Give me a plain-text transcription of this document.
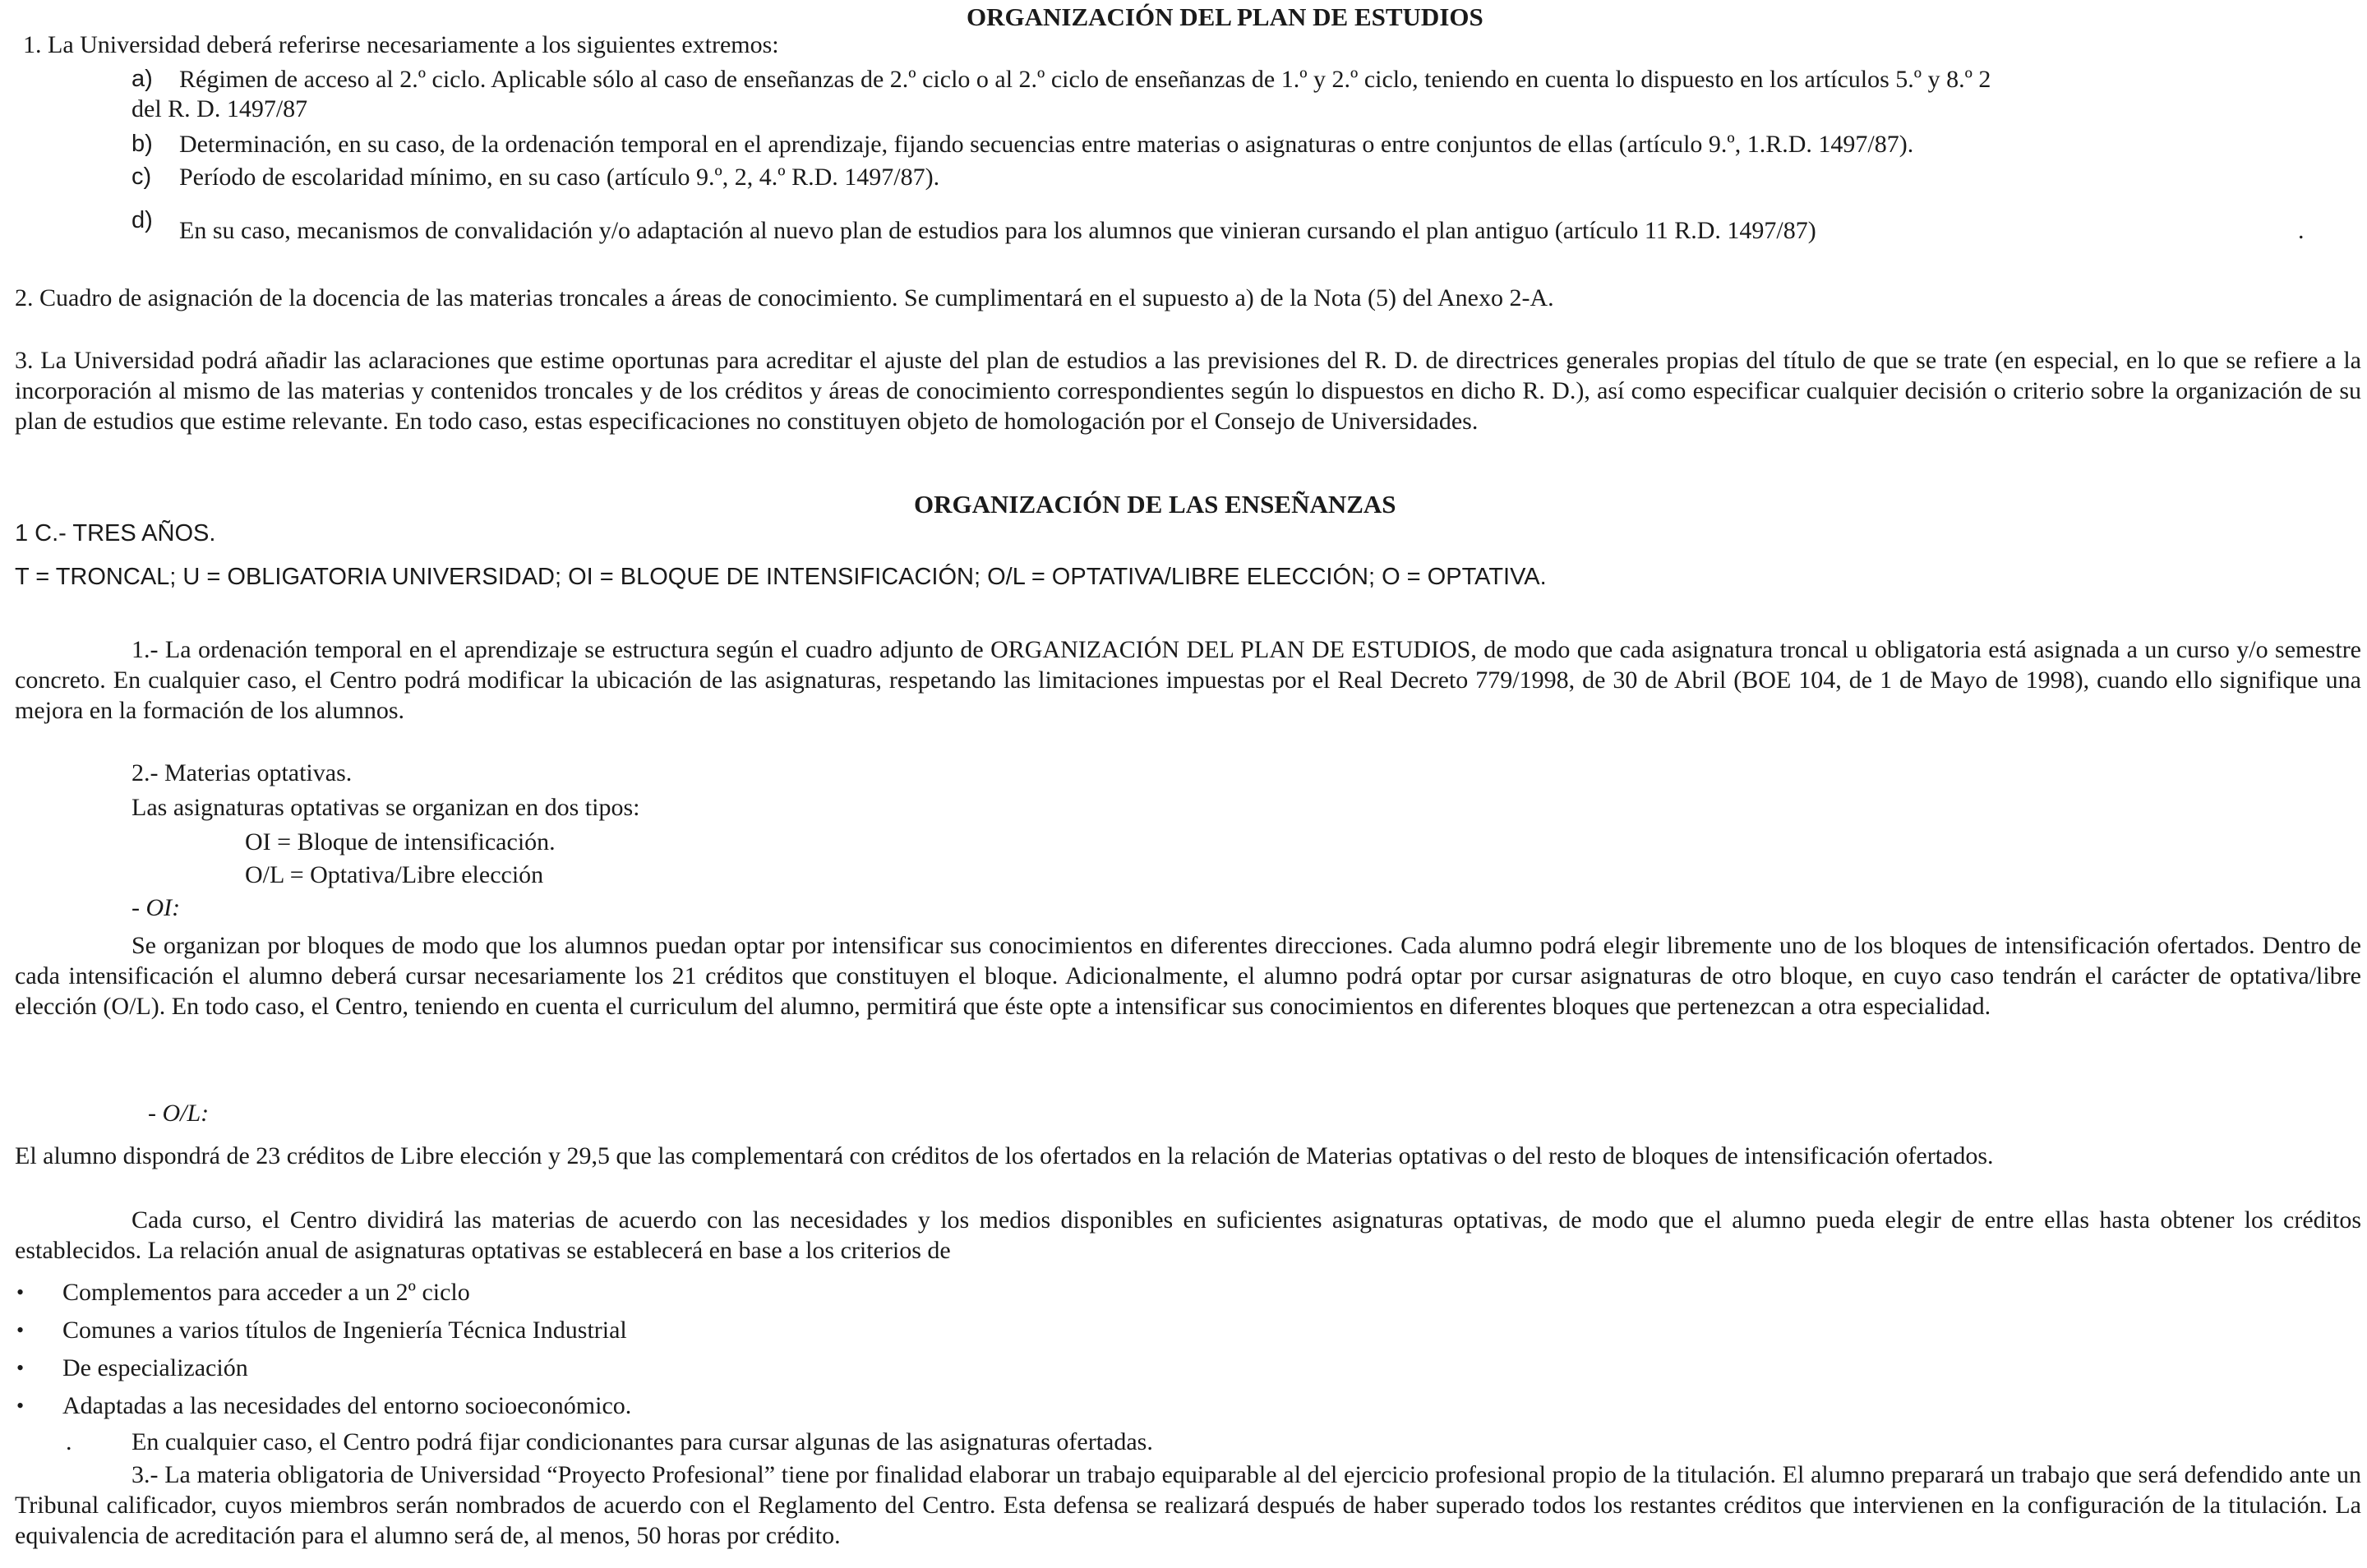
ORGANIZACIÓN DEL PLAN DE ESTUDIOS
1. La Universidad deberá referirse necesariamente a los siguientes extremos:
a) Régimen de acceso al 2.º ciclo. Aplicable sólo al caso de enseñanzas de 2.º ciclo o al 2.º ciclo de enseñanzas de 1.º y 2.º ciclo, teniendo en cuenta lo dispuesto en los artículos 5.º y 8.º 2
del R. D. 1497/87
b) Determinación, en su caso, de la ordenación temporal en el aprendizaje, fijando secuencias entre materias o asignaturas o entre conjuntos de ellas (artículo 9.º, 1.R.D. 1497/87).
c) Período de escolaridad mínimo, en su caso (artículo 9.º, 2, 4.º R.D. 1497/87).
d) En su caso, mecanismos de convalidación y/o adaptación al nuevo plan de estudios para los alumnos que vinieran cursando el plan antiguo (artículo 11 R.D. 1497/87)	.
2. Cuadro de asignación de la docencia de las materias troncales a áreas de conocimiento. Se cumplimentará en el supuesto a) de la Nota (5) del Anexo 2-A.
3. La Universidad podrá añadir las aclaraciones que estime oportunas para acreditar el ajuste del plan de estudios a las previsiones del R. D. de directrices generales propias del título de que se trate (en especial, en lo que se refiere a la incorporación al mismo de las materias y contenidos troncales y de los créditos y áreas de conocimiento correspondientes según lo dispuestos en dicho R. D.), así como especificar cualquier decisión o criterio sobre la organización de su plan de estudios que estime relevante. En todo caso, estas especificaciones no constituyen objeto de homologación por el Consejo de Universidades.
ORGANIZACIÓN DE LAS ENSEÑANZAS
1 C.- TRES AÑOS.
T = TRONCAL; U = OBLIGATORIA UNIVERSIDAD; OI = BLOQUE DE INTENSIFICACIÓN; O/L = OPTATIVA/LIBRE ELECCIÓN; O = OPTATIVA.
1.- La ordenación temporal en el aprendizaje se estructura según el cuadro adjunto de ORGANIZACIÓN DEL PLAN DE ESTUDIOS, de modo que cada asignatura troncal u obligatoria está asignada a un curso y/o semestre concreto. En cualquier caso, el Centro podrá modificar la ubicación de las asignaturas, respetando las limitaciones impuestas por el Real Decreto 779/1998, de 30 de Abril (BOE 104, de 1 de Mayo de 1998), cuando ello signifique una mejora en la formación de los alumnos.
2.- Materias optativas.
Las asignaturas optativas se organizan en dos tipos:
OI = Bloque de intensificación.
O/L = Optativa/Libre elección
- OI:
Se organizan por bloques de modo que los alumnos puedan optar por intensificar sus conocimientos en diferentes direcciones. Cada alumno podrá elegir libremente uno de los bloques de intensificación ofertados. Dentro de cada intensificación el alumno deberá cursar necesariamente los 21 créditos que constituyen el bloque. Adicionalmente, el alumno podrá optar por cursar asignaturas de otro bloque, en cuyo caso tendrán el carácter de optativa/libre elección (O/L). En todo caso, el Centro, teniendo en cuenta el curriculum del alumno, permitirá que éste opte a intensificar sus conocimientos en diferentes bloques que pertenezcan a otra especialidad.
- O/L:
El alumno dispondrá de 23 créditos de Libre elección y 29,5 que las complementará con créditos de los ofertados en la relación de Materias optativas o del resto de bloques de intensificación ofertados.
Cada curso, el Centro dividirá las materias de acuerdo con las necesidades y los medios disponibles en suficientes asignaturas optativas, de modo que el alumno pueda elegir de entre ellas hasta obtener los créditos establecidos. La relación anual de asignaturas optativas se establecerá en base a los criterios de
• Complementos para acceder a un 2º ciclo
• Comunes a varios títulos de Ingeniería Técnica Industrial
• De especialización
• Adaptadas a las necesidades del entorno socioeconómico.
. En cualquier caso, el Centro podrá fijar condicionantes para cursar algunas de las asignaturas ofertadas.
3.- La materia obligatoria de Universidad “Proyecto Profesional” tiene por finalidad elaborar un trabajo equiparable al del ejercicio profesional propio de la titulación. El alumno preparará un trabajo que será defendido ante un Tribunal calificador, cuyos miembros serán nombrados de acuerdo con el Reglamento del Centro. Esta defensa se realizará después de haber superado todos los restantes créditos que intervienen en la configuración de la titulación. La equivalencia de acreditación para el alumno será de, al menos, 50 horas por crédito.
